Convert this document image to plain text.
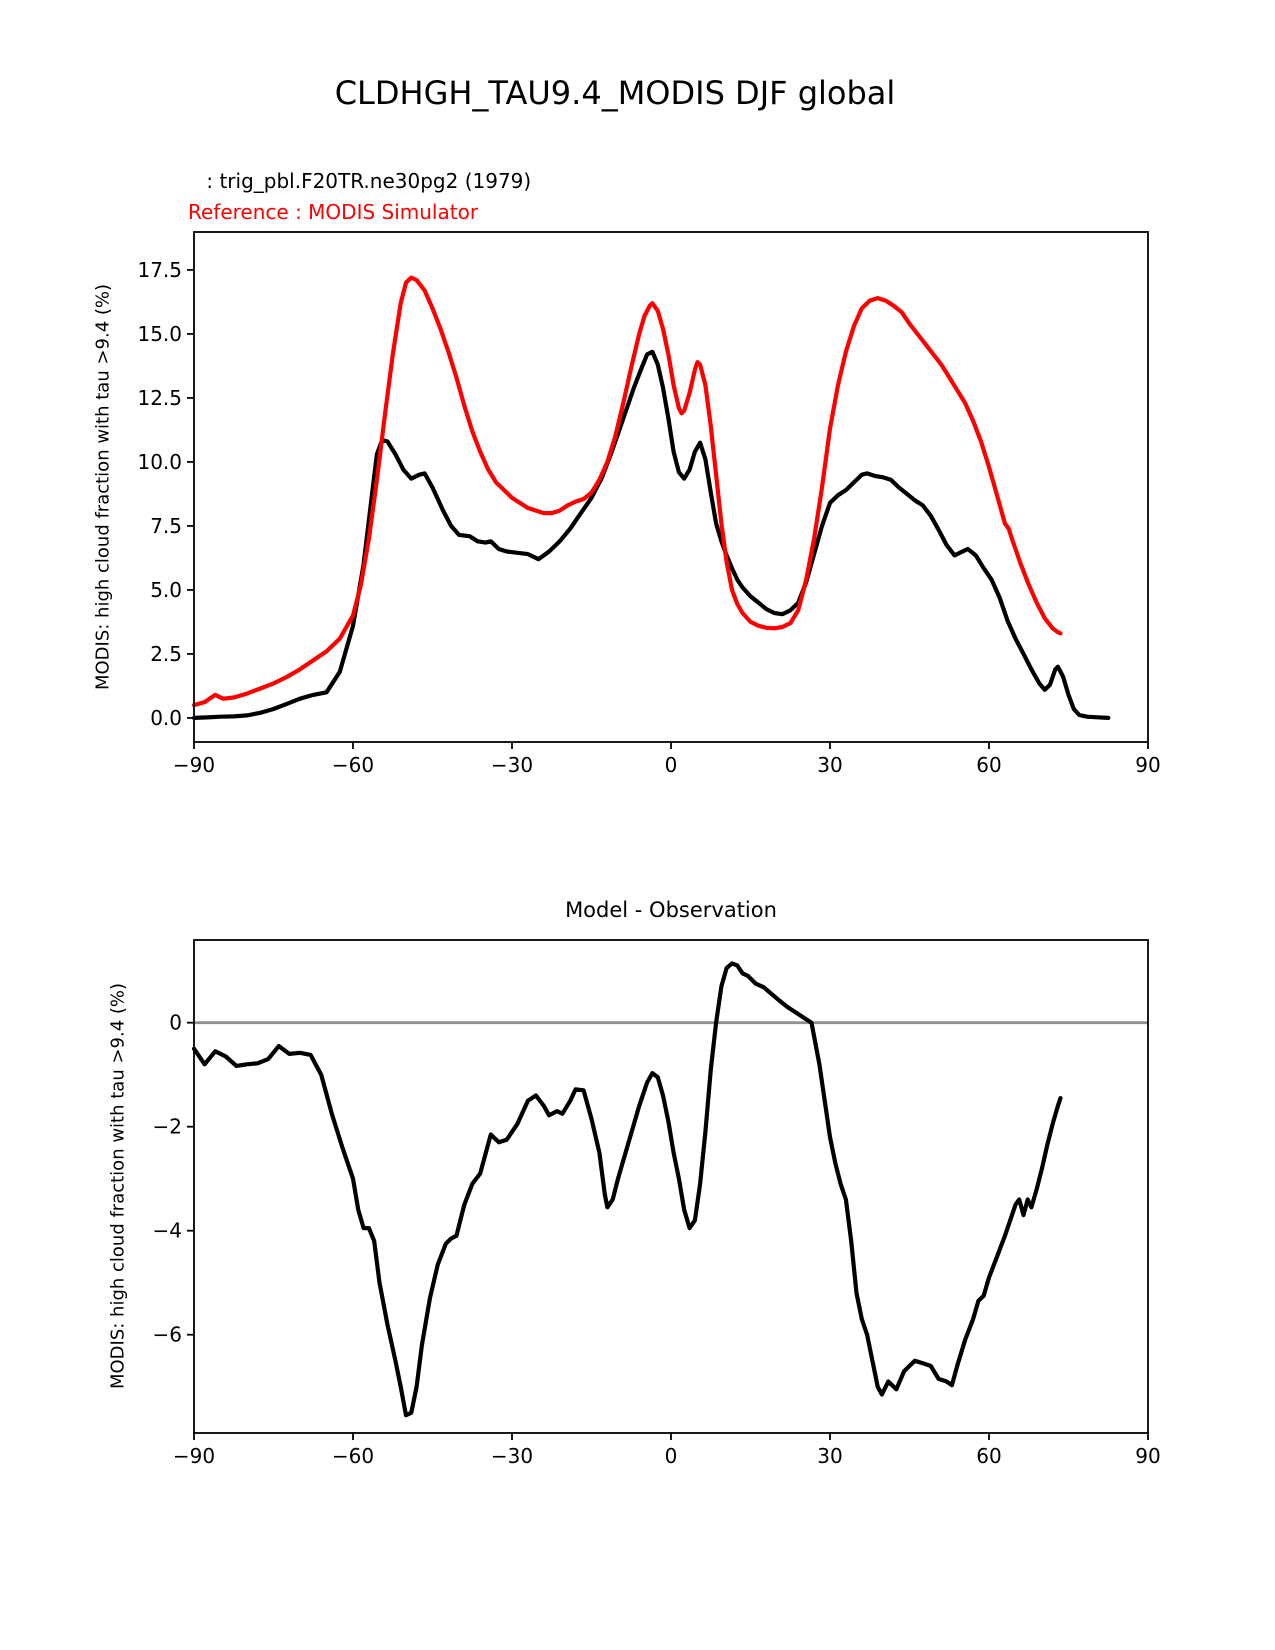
CLDHGH_TAU9.4_MODIS DJF global
: trig_pbl.F20TR.ne30pg2 (1979)
Reference : MODIS Simulator
MODIS: high cloud fraction with tau >9.4 (%)
MODIS: high cloud fraction with tau >9.4 (%)
Model - Observation
−90	−60	−30	0	30	60	90
0.0
2.5
5.0
7.5
10.0
12.5
15.0
17.5
−90	−60	−30	0	30	60	90
0
−2
−4
−6
